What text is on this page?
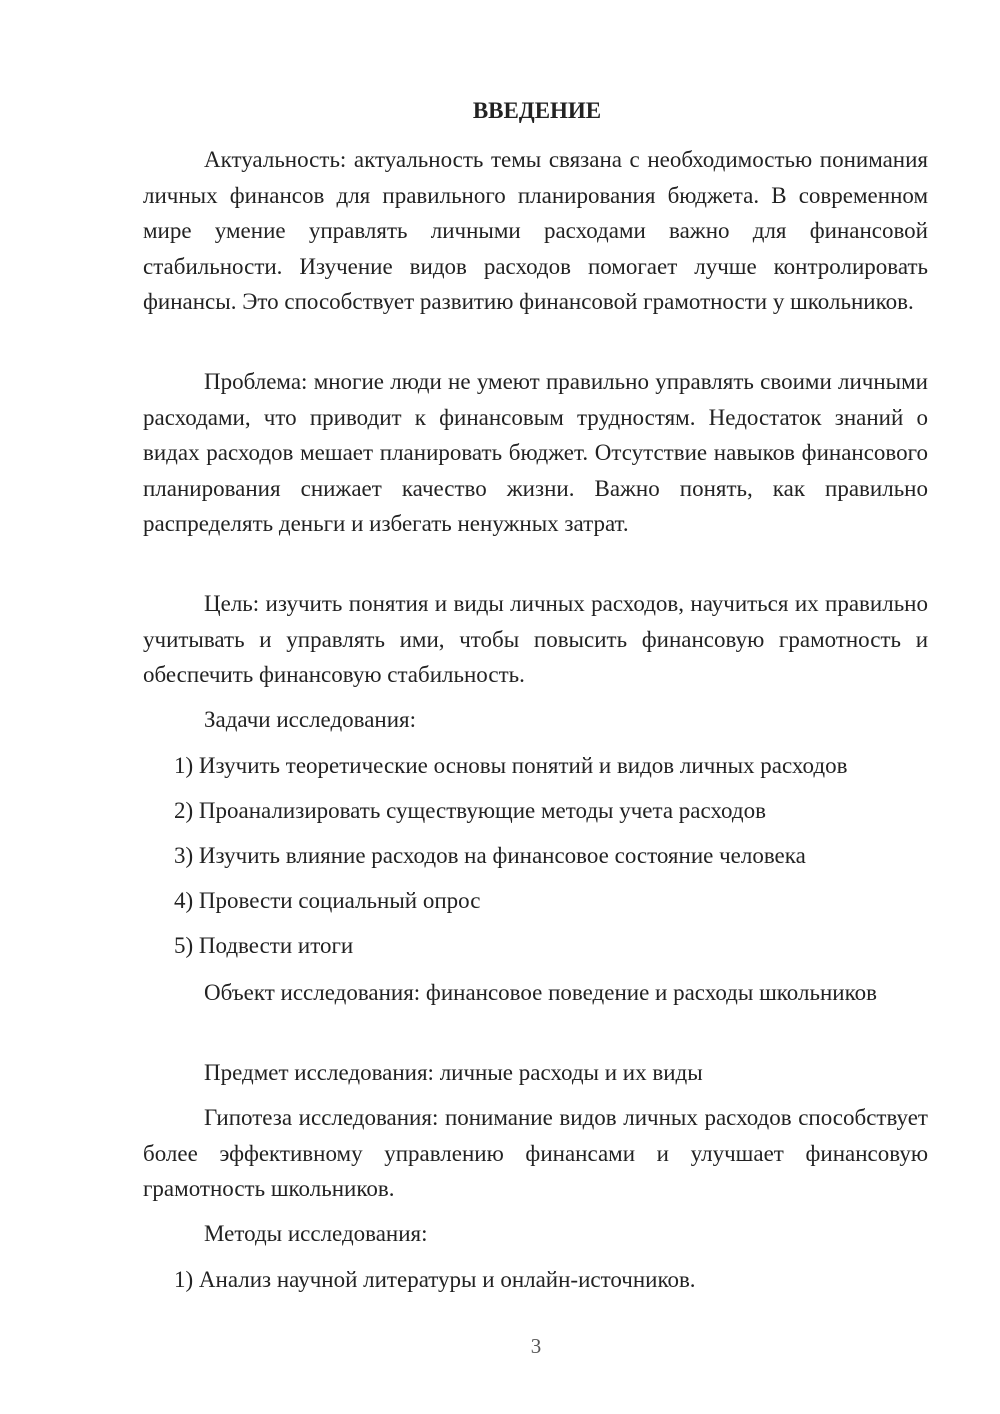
ВВЕДЕНИЕ

Актуальность: актуальность темы связана с необходимостью понимания личных финансов для правильного планирования бюджета. В современном мире умение управлять личными расходами важно для финансовой стабильности. Изучение видов расходов помогает лучше контролировать финансы. Это способствует развитию финансовой грамотности у школьников.

Проблема: многие люди не умеют правильно управлять своими личными расходами, что приводит к финансовым трудностям. Недостаток знаний о видах расходов мешает планировать бюджет. Отсутствие навыков финансового планирования снижает качество жизни. Важно понять, как правильно распределять деньги и избегать ненужных затрат.

Цель: изучить понятия и виды личных расходов, научиться их правильно учитывать и управлять ими, чтобы повысить финансовую грамотность и обеспечить финансовую стабильность.

Задачи исследования:

1) Изучить теоретические основы понятий и видов личных расходов

2) Проанализировать существующие методы учета расходов

3) Изучить влияние расходов на финансовое состояние человека

4) Провести социальный опрос

5) Подвести итоги

Объект исследования: финансовое поведение и расходы школьников

Предмет исследования: личные расходы и их виды

Гипотеза исследования: понимание видов личных расходов способствует более эффективному управлению финансами и улучшает финансовую грамотность школьников.

Методы исследования:

1) Анализ научной литературы и онлайн-источников.

3
